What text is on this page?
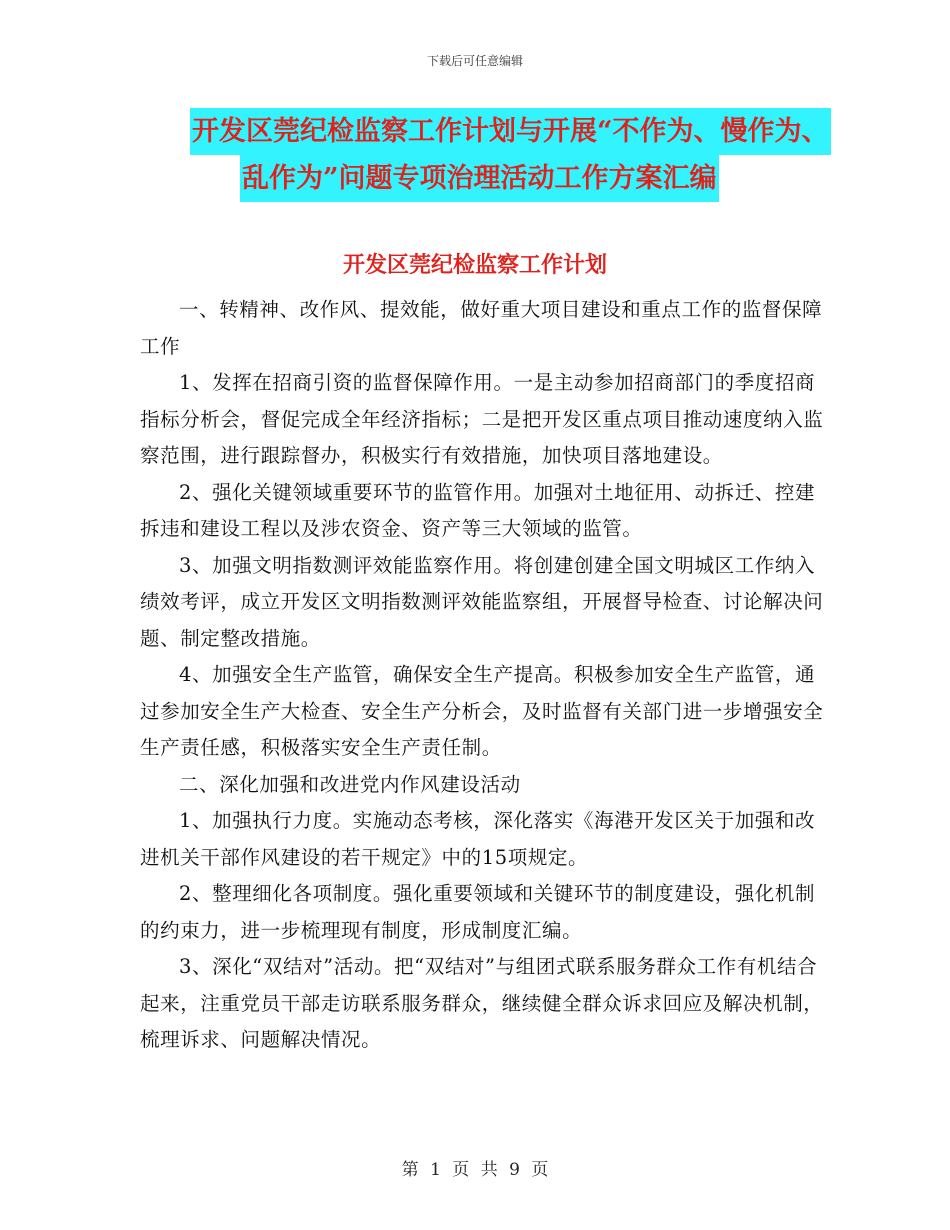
下载后可任意编辑
开发区莞纪检监察工作计划与开展“不作为、慢作为、
乱作为”问题专项治理活动工作方案汇编
开发区莞纪检监察工作计划

一、转精神、改作风、提效能，做好重大项目建设和重点工作的监督保障工作

1、发挥在招商引资的监督保障作用。一是主动参加招商部门的季度招商指标分析会，督促完成全年经济指标；二是把开发区重点项目推动速度纳入监察范围，进行跟踪督办，积极实行有效措施，加快项目落地建设。

2、强化关键领域重要环节的监管作用。加强对土地征用、动拆迁、控建拆违和建设工程以及涉农资金、资产等三大领域的监管。

3、加强文明指数测评效能监察作用。将创建创建全国文明城区工作纳入绩效考评，成立开发区文明指数测评效能监察组，开展督导检查、讨论解决问题、制定整改措施。

4、加强安全生产监管，确保安全生产提高。积极参加安全生产监管，通过参加安全生产大检查、安全生产分析会，及时监督有关部门进一步增强安全生产责任感，积极落实安全生产责任制。

二、深化加强和改进党内作风建设活动

1、加强执行力度。实施动态考核，深化落实《海港开发区关于加强和改进机关干部作风建设的若干规定》中的15项规定。

2、整理细化各项制度。强化重要领域和关键环节的制度建设，强化机制的约束力，进一步梳理现有制度，形成制度汇编。

3、深化“双结对”活动。把“双结对”与组团式联系服务群众工作有机结合起来，注重党员干部走访联系服务群众，继续健全群众诉求回应及解决机制，梳理诉求、问题解决情况。

第 1 页 共 9 页
